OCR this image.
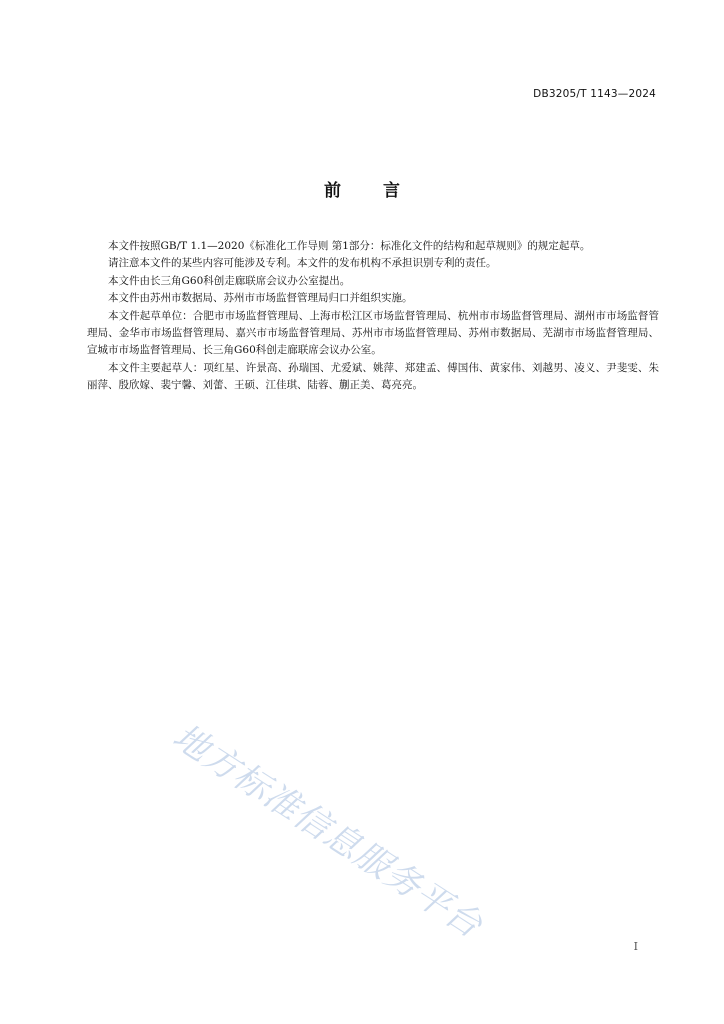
DB3205/T 1143—2024
前言

本文件按照GB/T 1.1—2020《标准化工作导则 第1部分：标准化文件的结构和起草规则》的规定起草。

请注意本文件的某些内容可能涉及专利。本文件的发布机构不承担识别专利的责任。

本文件由长三角G60科创走廊联席会议办公室提出。

本文件由苏州市数据局、苏州市市场监督管理局归口并组织实施。

本文件起草单位：合肥市市场监督管理局、上海市松江区市场监督管理局、杭州市市场监督管理局、湖州市市场监督管理局、金华市市场监督管理局、嘉兴市市场监督管理局、苏州市市场监督管理局、苏州市数据局、芜湖市市场监督管理局、宣城市市场监督管理局、长三角G60科创走廊联席会议办公室。

本文件主要起草人：项红星、许景高、孙瑞国、尤爱斌、姚萍、郑建孟、傅国伟、黄家伟、刘越男、凌义、尹斐雯、朱丽萍、殷欣嫁、裴宁馨、刘蕾、王硕、江佳琪、陆蓉、蒯正美、葛亮亮。

地方标准信息服务平台
I
